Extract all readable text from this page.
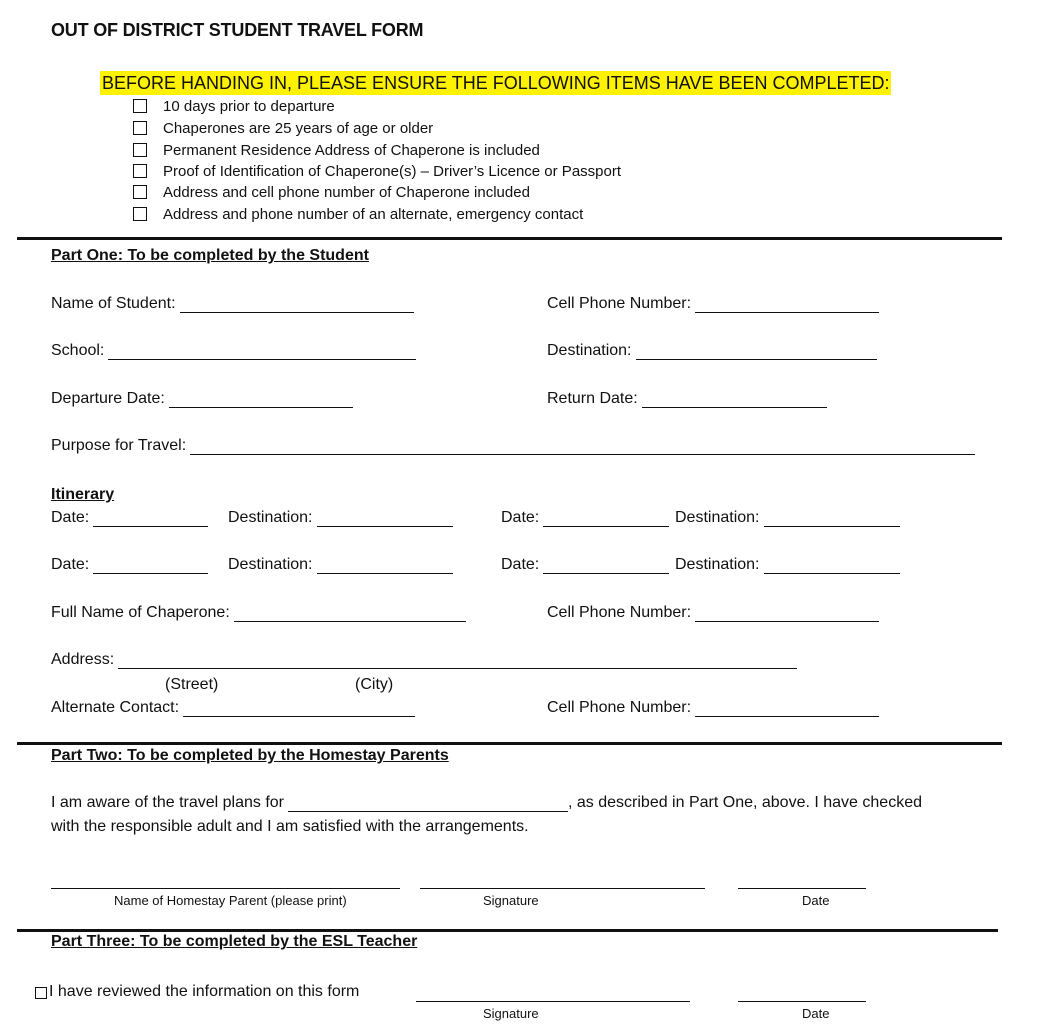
OUT OF DISTRICT STUDENT TRAVEL FORM
BEFORE HANDING IN, PLEASE ENSURE THE FOLLOWING ITEMS HAVE BEEN COMPLETED:
10 days prior to departure
Chaperones are 25 years of age or older
Permanent Residence Address of Chaperone is included
Proof of Identification of Chaperone(s) – Driver’s Licence or Passport
Address and cell phone number of Chaperone included
Address and phone number of an alternate, emergency contact
Part One: To be completed by the Student
Name of Student:	Cell Phone Number:
School:	Destination:
Departure Date:	Return Date:
Purpose for Travel:
Itinerary
Date:	Destination:	Date:	Destination:
Date:	Destination:	Date:	Destination:
Full Name of Chaperone:	Cell Phone Number:
Address:
(Street)	(City)
Alternate Contact:	Cell Phone Number:
Part Two: To be completed by the Homestay Parents
I am aware of the travel plans for	, as described in Part One, above. I have checked
with the responsible adult and I am satisfied with the arrangements.
Name of Homestay Parent (please print)	Signature	Date
Part Three: To be completed by the ESL Teacher
I have reviewed the information on this form
Signature	Date
